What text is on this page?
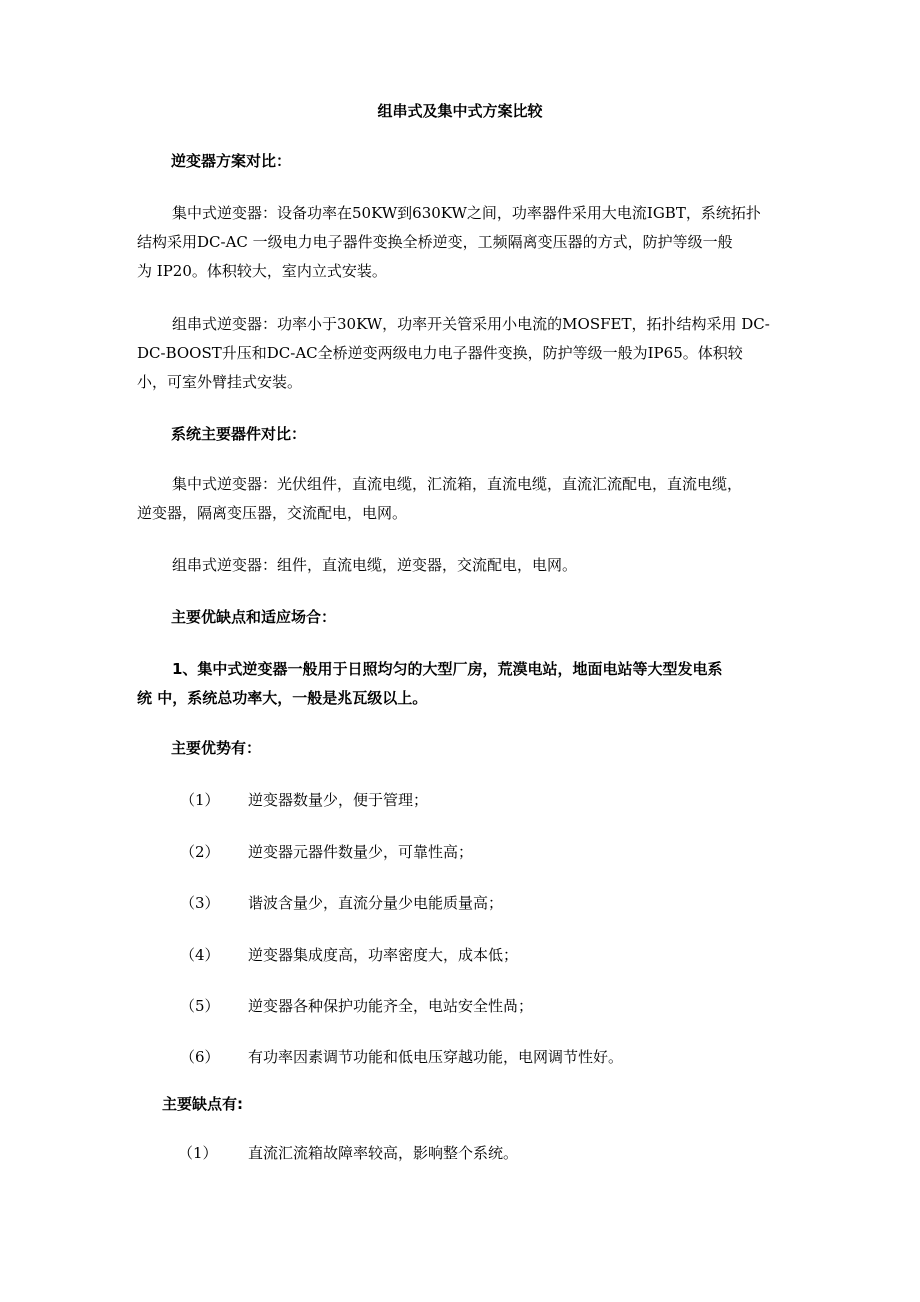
组串式及集中式方案比较
逆变器方案对比：
集中式逆变器：设备功率在50KW到630KW之间，功率器件采用大电流IGBT，系统拓扑
结构采用DC-AC 一级电力电子器件变换全桥逆变，工频隔离变压器的方式，防护等级一般
为 IP20。体积较大，室内立式安装。
组串式逆变器：功率小于30KW，功率开关管采用小电流的MOSFET，拓扑结构采用 DC-
DC-BOOST升压和DC-AC全桥逆变两级电力电子器件变换，防护等级一般为IP65。体积较
小，可室外臂挂式安装。
系统主要器件对比：
集中式逆变器：光伏组件，直流电缆，汇流箱，直流电缆，直流汇流配电，直流电缆，
逆变器，隔离变压器，交流配电，电网。
组串式逆变器：组件，直流电缆，逆变器，交流配电，电网。
主要优缺点和适应场合：
1、集中式逆变器一般用于日照均匀的大型厂房，荒漠电站，地面电站等大型发电系
统 中，系统总功率大，一般是兆瓦级以上。
主要优势有：
（1） 逆变器数量少，便于管理；
（2） 逆变器元器件数量少，可靠性高；
（3） 谐波含量少，直流分量少电能质量高；
（4） 逆变器集成度高，功率密度大，成本低；
（5） 逆变器各种保护功能齐全，电站安全性咼；
（6） 有功率因素调节功能和低电压穿越功能，电网调节性好。
主要缺点有:
（1） 直流汇流箱故障率较高，影响整个系统。
